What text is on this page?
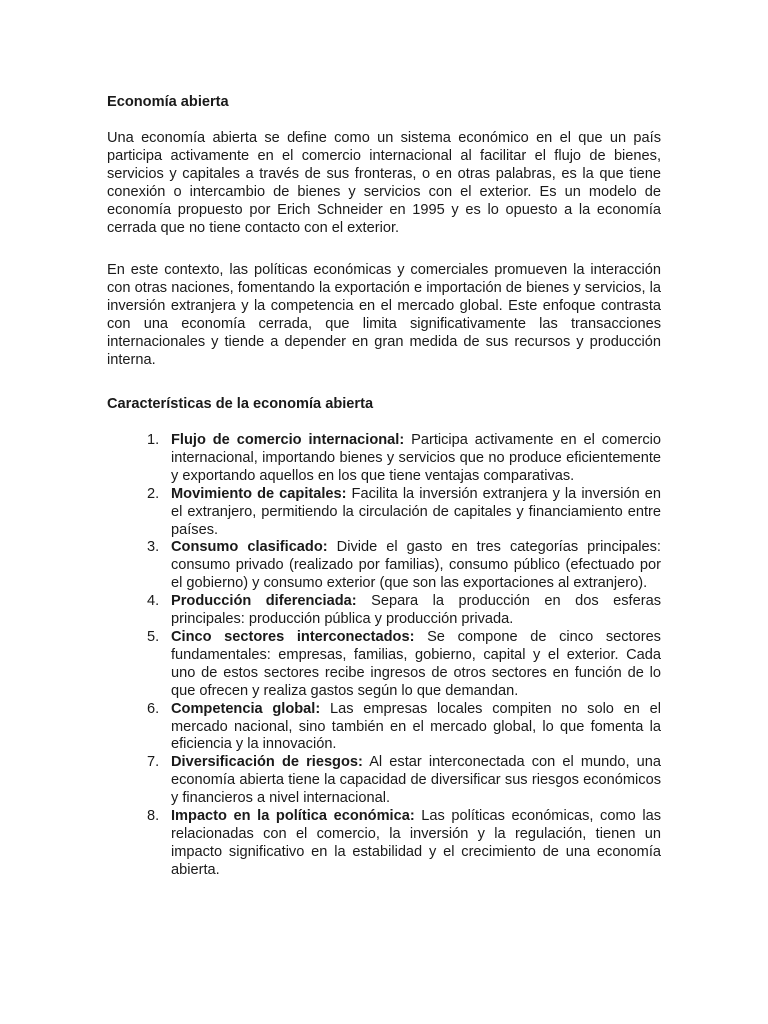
Economía abierta

Una economía abierta se define como un sistema económico en el que un país participa activamente en el comercio internacional al facilitar el flujo de bienes, servicios y capitales a través de sus fronteras, o en otras palabras, es la que tiene conexión o intercambio de bienes y servicios con el exterior. Es un modelo de economía propuesto por Erich Schneider en 1995 y es lo opuesto a la economía cerrada que no tiene contacto con el exterior.

En este contexto, las políticas económicas y comerciales promueven la interacción con otras naciones, fomentando la exportación e importación de bienes y servicios, la inversión extranjera y la competencia en el mercado global. Este enfoque contrasta con una economía cerrada, que limita significativamente las transacciones internacionales y tiende a depender en gran medida de sus recursos y producción interna.

Características de la economía abierta
1. Flujo de comercio internacional: Participa activamente en el comercio internacional, importando bienes y servicios que no produce eficientemente y exportando aquellos en los que tiene ventajas comparativas.
2. Movimiento de capitales: Facilita la inversión extranjera y la inversión en el extranjero, permitiendo la circulación de capitales y financiamiento entre países.
3. Consumo clasificado: Divide el gasto en tres categorías principales: consumo privado (realizado por familias), consumo público (efectuado por el gobierno) y consumo exterior (que son las exportaciones al extranjero).
4. Producción diferenciada: Separa la producción en dos esferas principales: producción pública y producción privada.
5. Cinco sectores interconectados: Se compone de cinco sectores fundamentales: empresas, familias, gobierno, capital y el exterior. Cada uno de estos sectores recibe ingresos de otros sectores en función de lo que ofrecen y realiza gastos según lo que demandan.
6. Competencia global: Las empresas locales compiten no solo en el mercado nacional, sino también en el mercado global, lo que fomenta la eficiencia y la innovación.
7. Diversificación de riesgos: Al estar interconectada con el mundo, una economía abierta tiene la capacidad de diversificar sus riesgos económicos y financieros a nivel internacional.
8. Impacto en la política económica: Las políticas económicas, como las relacionadas con el comercio, la inversión y la regulación, tienen un impacto significativo en la estabilidad y el crecimiento de una economía abierta.
